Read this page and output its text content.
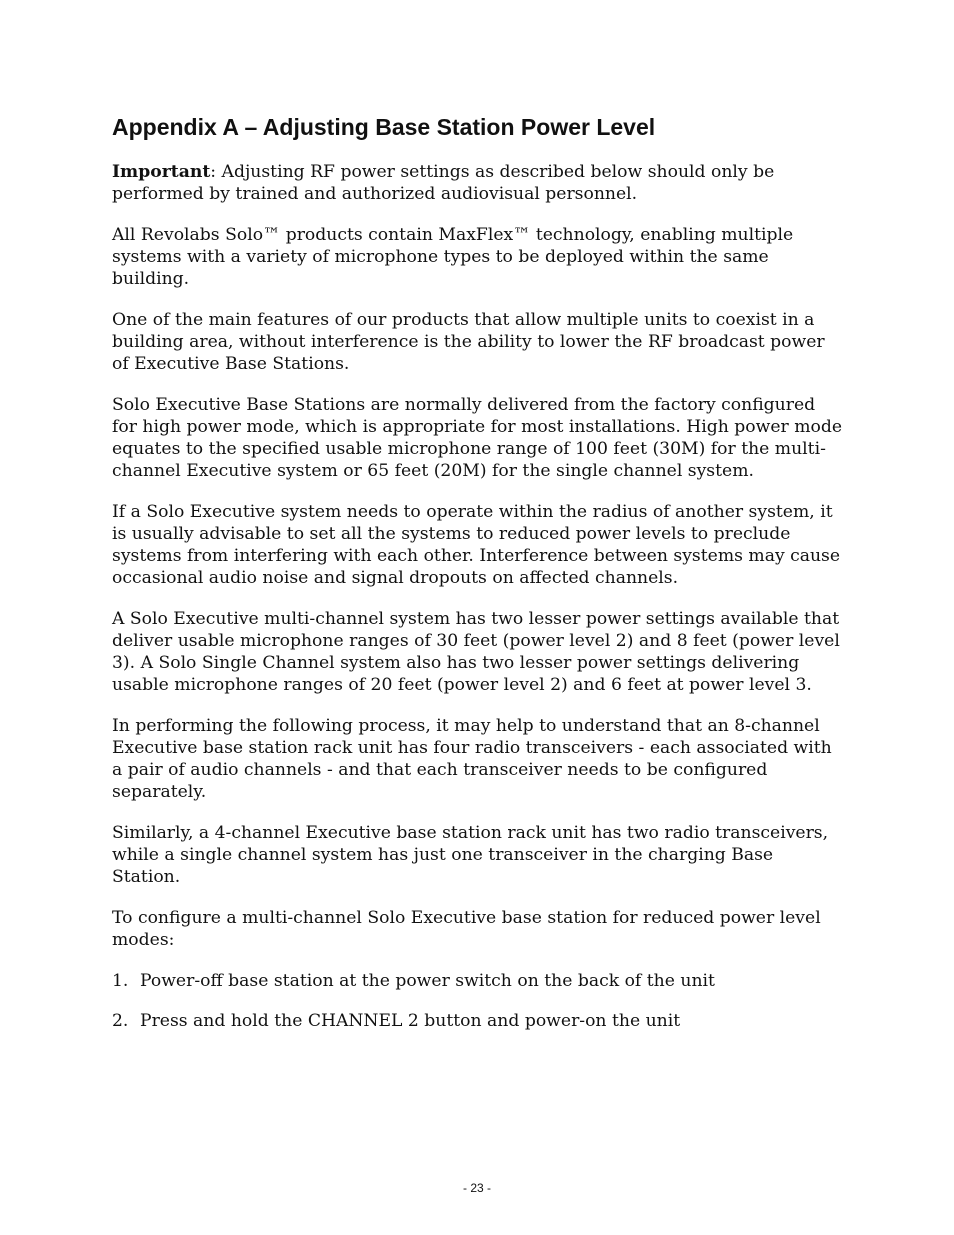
Appendix A – Adjusting Base Station Power Level

Important: Adjusting RF power settings as described below should only be performed by trained and authorized audiovisual personnel.

All Revolabs Solo™ products contain MaxFlex™ technology, enabling multiple systems with a variety of microphone types to be deployed within the same building.

One of the main features of our products that allow multiple units to coexist in a building area, without interference is the ability to lower the RF broadcast power of Executive Base Stations.

Solo Executive Base Stations are normally delivered from the factory configured for high power mode, which is appropriate for most installations. High power mode equates to the specified usable microphone range of 100 feet (30M) for the multi-channel Executive system or 65 feet (20M) for the single channel system.

If a Solo Executive system needs to operate within the radius of another system, it is usually advisable to set all the systems to reduced power levels to preclude systems from interfering with each other. Interference between systems may cause occasional audio noise and signal dropouts on affected channels.

A Solo Executive multi-channel system has two lesser power settings available that deliver usable microphone ranges of 30 feet (power level 2) and 8 feet (power level 3). A Solo Single Channel system also has two lesser power settings delivering usable microphone ranges of 20 feet (power level 2) and 6 feet at power level 3.

In performing the following process, it may help to understand that an 8-channel Executive base station rack unit has four radio transceivers - each associated with a pair of audio channels - and that each transceiver needs to be configured separately.

Similarly, a 4-channel Executive base station rack unit has two radio transceivers, while a single channel system has just one transceiver in the charging Base Station.

To configure a multi-channel Solo Executive base station for reduced power level modes:

1. Power-off base station at the power switch on the back of the unit
2. Press and hold the CHANNEL 2 button and power-on the unit
- 23 -
